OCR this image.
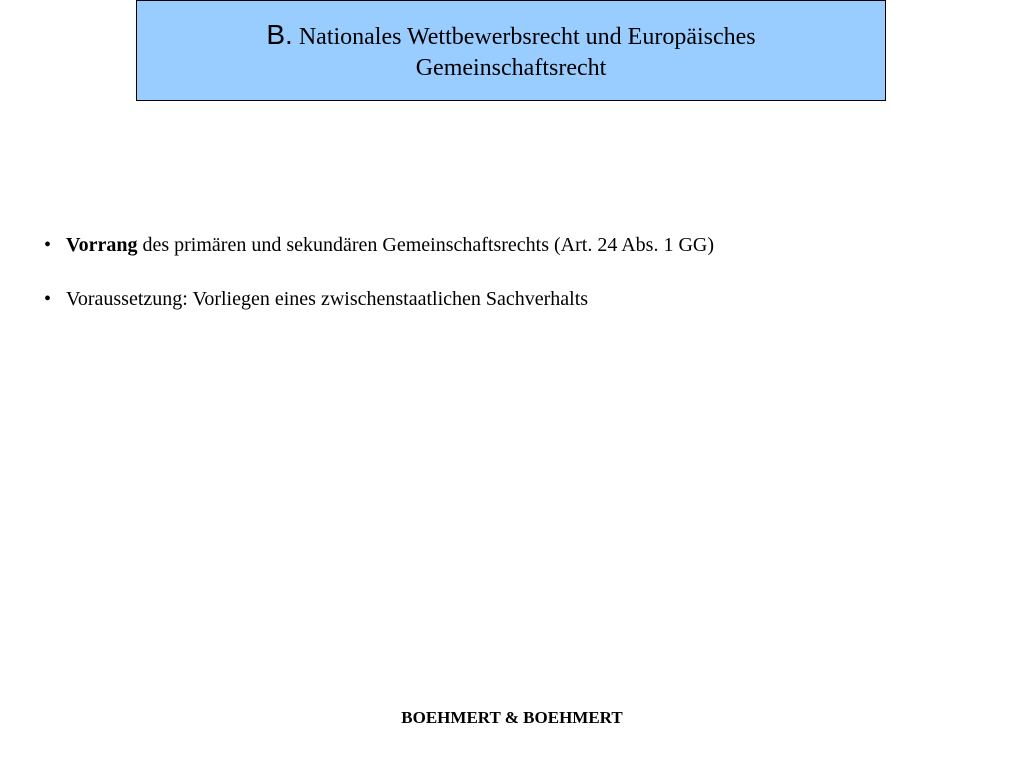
B. Nationales Wettbewerbsrecht und Europäisches
Gemeinschaftsrecht
• Vorrang des primären und sekundären Gemeinschaftsrechts (Art. 24 Abs. 1 GG)
• Voraussetzung: Vorliegen eines zwischenstaatlichen Sachverhalts
BOEHMERT & BOEHMERT
